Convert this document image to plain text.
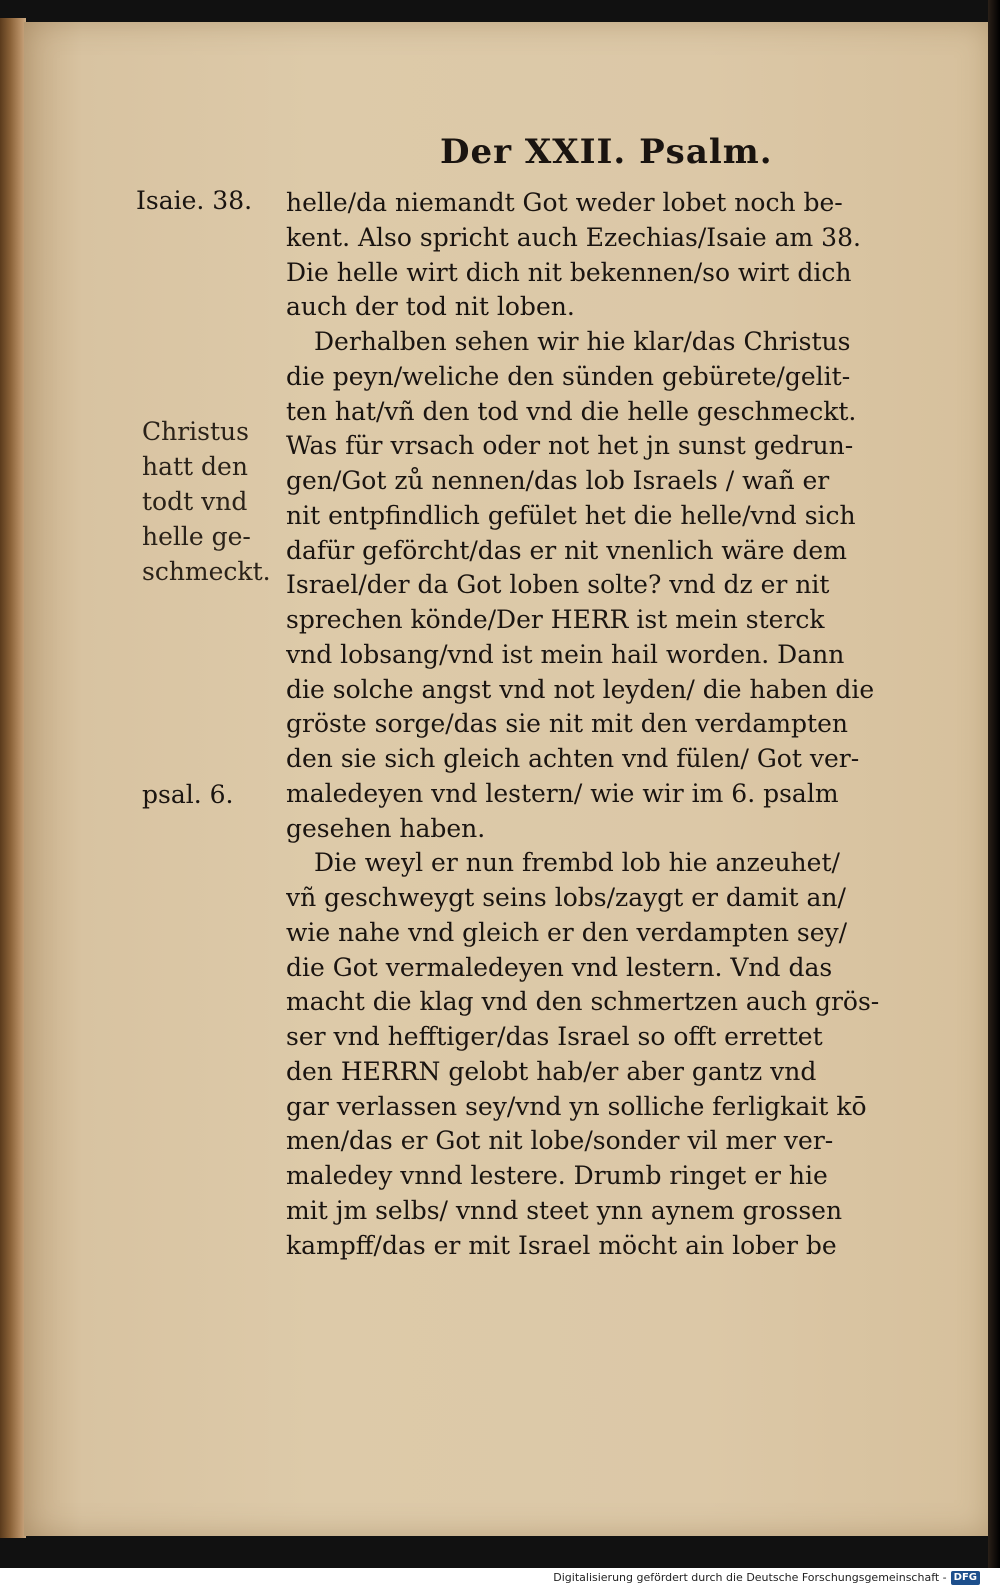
Der XXII. Psalm.
Isaie. 38.
Christus
hatt den
todt vnd
helle ge-
schmeckt.
psal. 6.
helle/da niemandt Got weder lobet noch be-
kent. Also spricht auch Ezechias/Isaie am 38.
Die helle wirt dich nit bekennen/so wirt dich
auch der tod nit loben.
Derhalben sehen wir hie klar/das Christus
die peyn/weliche den sünden gebürete/gelit-
ten hat/vñ den tod vnd die helle geschmeckt.
Was für vrsach oder not het jn sunst gedrun-
gen/Got zů nennen/das lob Israels / wañ er
nit entpfindlich gefület het die helle/vnd sich
dafür geförcht/das er nit vnenlich wäre dem
Israel/der da Got loben solte? vnd dz er nit
sprechen könde/Der HERR ist mein sterck
vnd lobsang/vnd ist mein hail worden. Dann
die solche angst vnd not leyden/ die haben die
gröste sorge/das sie nit mit den verdampten
den sie sich gleich achten vnd fülen/ Got ver-
maledeyen vnd lestern/ wie wir im 6. psalm
gesehen haben.
Die weyl er nun frembd lob hie anzeuhet/
vñ geschweygt seins lobs/zaygt er damit an/
wie nahe vnd gleich er den verdampten sey/
die Got vermaledeyen vnd lestern. Vnd das
macht die klag vnd den schmertzen auch grös-
ser vnd hefftiger/das Israel so offt errettet
den HERRN gelobt hab/er aber gantz vnd
gar verlassen sey/vnd yn solliche ferligkait kō
men/das er Got nit lobe/sonder vil mer ver-
maledey vnnd lestere. Drumb ringet er hie
mit jm selbs/ vnnd steet ynn aynem grossen
kampff/das er mit Israel möcht ain lober be
Digitalisierung gefördert durch die Deutsche Forschungsgemeinschaft - DFG
